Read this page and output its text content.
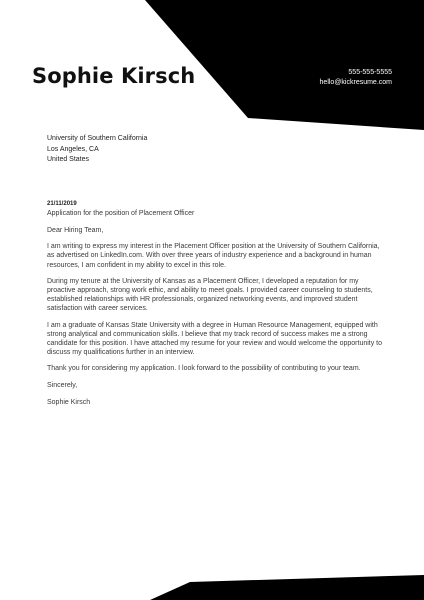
Sophie Kirsch	555-555-5555
hello@kickresume.com
University of Southern California
Los Angeles, CA
United States
21/11/2019
Application for the position of Placement Officer

Dear Hiring Team,

I am writing to express my interest in the Placement Officer position at the University of Southern California, as advertised on LinkedIn.com. With over three years of industry experience and a background in human resources, I am confident in my ability to excel in this role.

During my tenure at the University of Kansas as a Placement Officer, I developed a reputation for my proactive approach, strong work ethic, and ability to meet goals. I provided career counseling to students, established relationships with HR professionals, organized networking events, and improved student satisfaction with career services.

I am a graduate of Kansas State University with a degree in Human Resource Management, equipped with strong analytical and communication skills. I believe that my track record of success makes me a strong candidate for this position. I have attached my resume for your review and would welcome the opportunity to discuss my qualifications further in an interview.

Thank you for considering my application. I look forward to the possibility of contributing to your team.

Sincerely,

Sophie Kirsch
